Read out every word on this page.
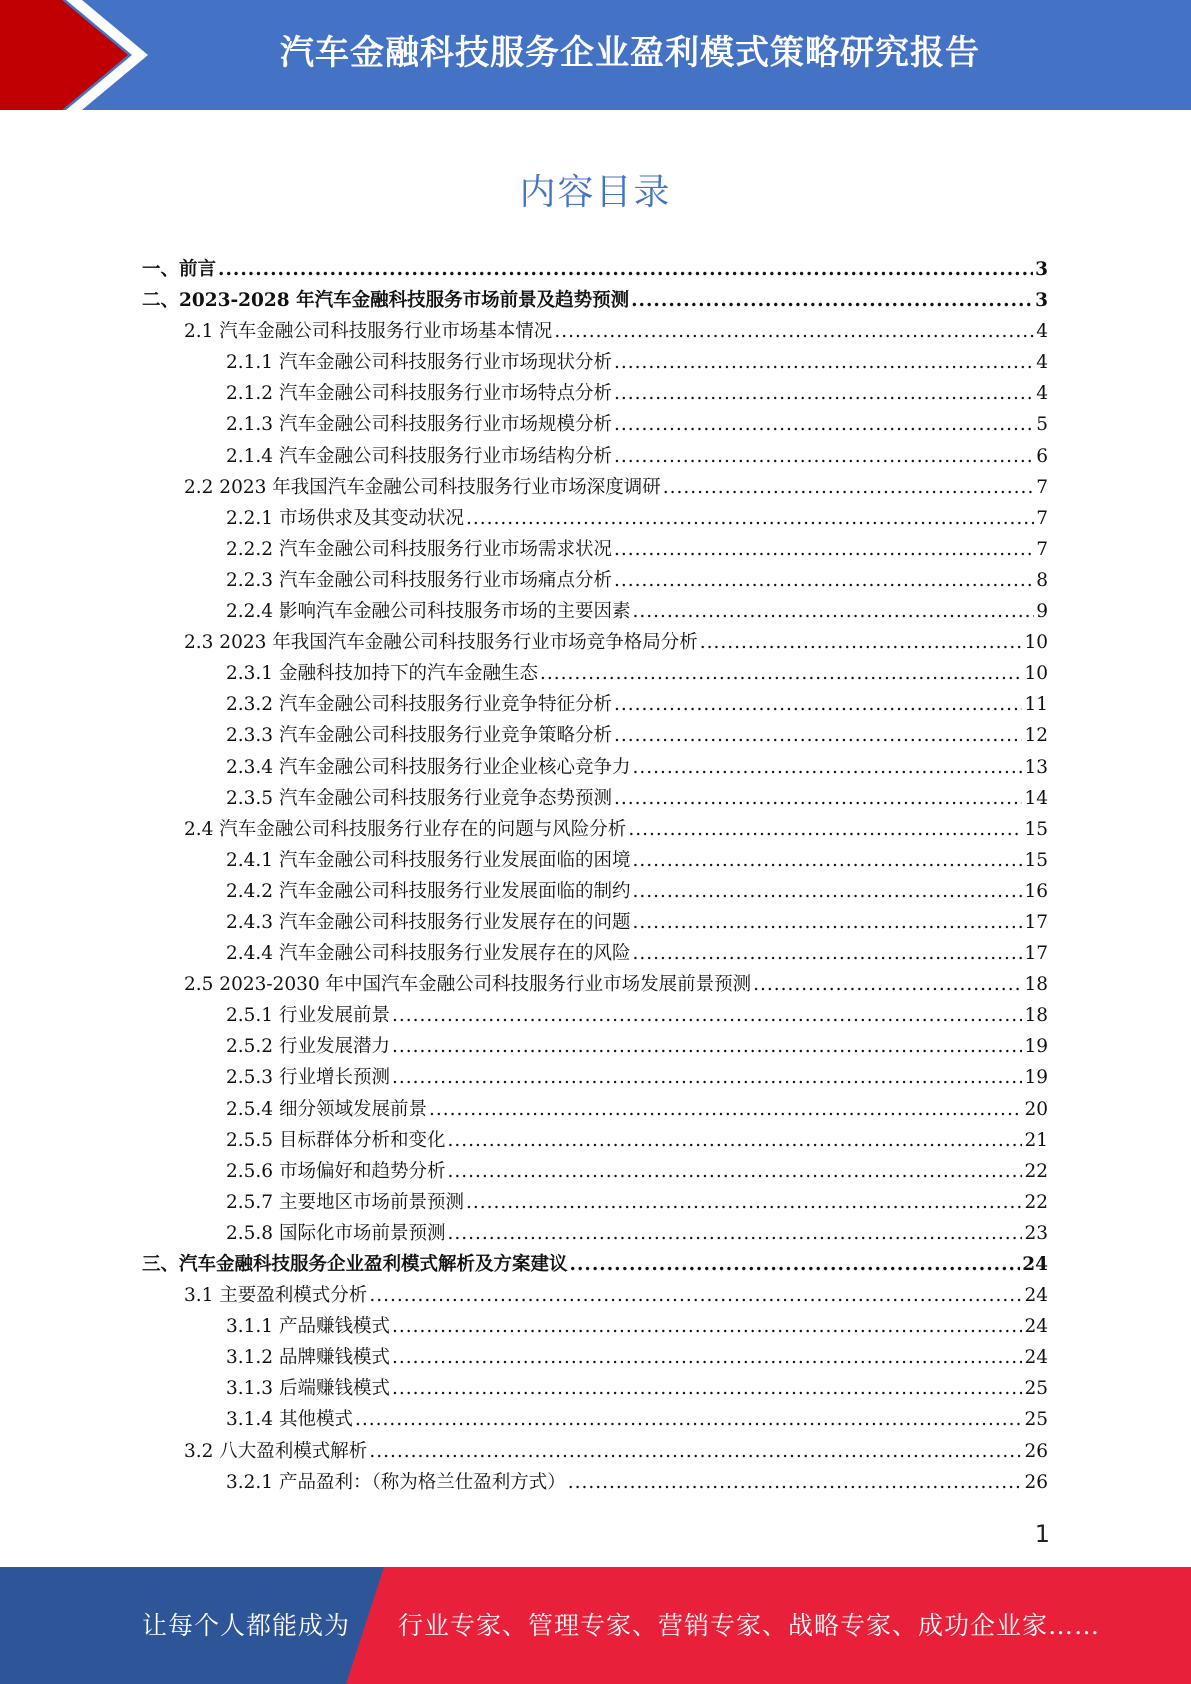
汽车金融科技服务企业盈利模式策略研究报告
内容目录
一、前言 .....	3
二、2023-2028 年汽车金融科技服务市场前景及趋势预测 .....	3
2.1 汽车金融公司科技服务行业市场基本情况 .....	4
2.1.1 汽车金融公司科技服务行业市场现状分析 .....	4
2.1.2 汽车金融公司科技服务行业市场特点分析 .....	4
2.1.3 汽车金融公司科技服务行业市场规模分析 .....	5
2.1.4 汽车金融公司科技服务行业市场结构分析 .....	6
2.2 2023 年我国汽车金融公司科技服务行业市场深度调研 .....	7
2.2.1 市场供求及其变动状况 .....	7
2.2.2 汽车金融公司科技服务行业市场需求状况 .....	7
2.2.3 汽车金融公司科技服务行业市场痛点分析 .....	8
2.2.4 影响汽车金融公司科技服务市场的主要因素 .....	9
2.3 2023 年我国汽车金融公司科技服务行业市场竞争格局分析 .....	10
2.3.1 金融科技加持下的汽车金融生态 .....	10
2.3.2 汽车金融公司科技服务行业竞争特征分析 .....	11
2.3.3 汽车金融公司科技服务行业竞争策略分析 .....	12
2.3.4 汽车金融公司科技服务行业企业核心竞争力 .....	13
2.3.5 汽车金融公司科技服务行业竞争态势预测 .....	14
2.4 汽车金融公司科技服务行业存在的问题与风险分析 .....	15
2.4.1 汽车金融公司科技服务行业发展面临的困境 .....	15
2.4.2 汽车金融公司科技服务行业发展面临的制约 .....	16
2.4.3 汽车金融公司科技服务行业发展存在的问题 .....	17
2.4.4 汽车金融公司科技服务行业发展存在的风险 .....	17
2.5 2023-2030 年中国汽车金融公司科技服务行业市场发展前景预测 .....	18
2.5.1 行业发展前景 .....	18
2.5.2 行业发展潜力 .....	19
2.5.3 行业增长预测 .....	19
2.5.4 细分领域发展前景 .....	20
2.5.5 目标群体分析和变化 .....	21
2.5.6 市场偏好和趋势分析 .....	22
2.5.7 主要地区市场前景预测 .....	22
2.5.8 国际化市场前景预测 .....	23
三、汽车金融科技服务企业盈利模式解析及方案建议 .....	24
3.1 主要盈利模式分析 .....	24
3.1.1 产品赚钱模式 .....	24
3.1.2 品牌赚钱模式 .....	24
3.1.3 后端赚钱模式 .....	25
3.1.4 其他模式 .....	25
3.2 八大盈利模式解析 .....	26
3.2.1 产品盈利：（称为格兰仕盈利方式） .....	26
1
让每个人都能成为 行业专家、管理专家、营销专家、战略专家、成功企业家……
